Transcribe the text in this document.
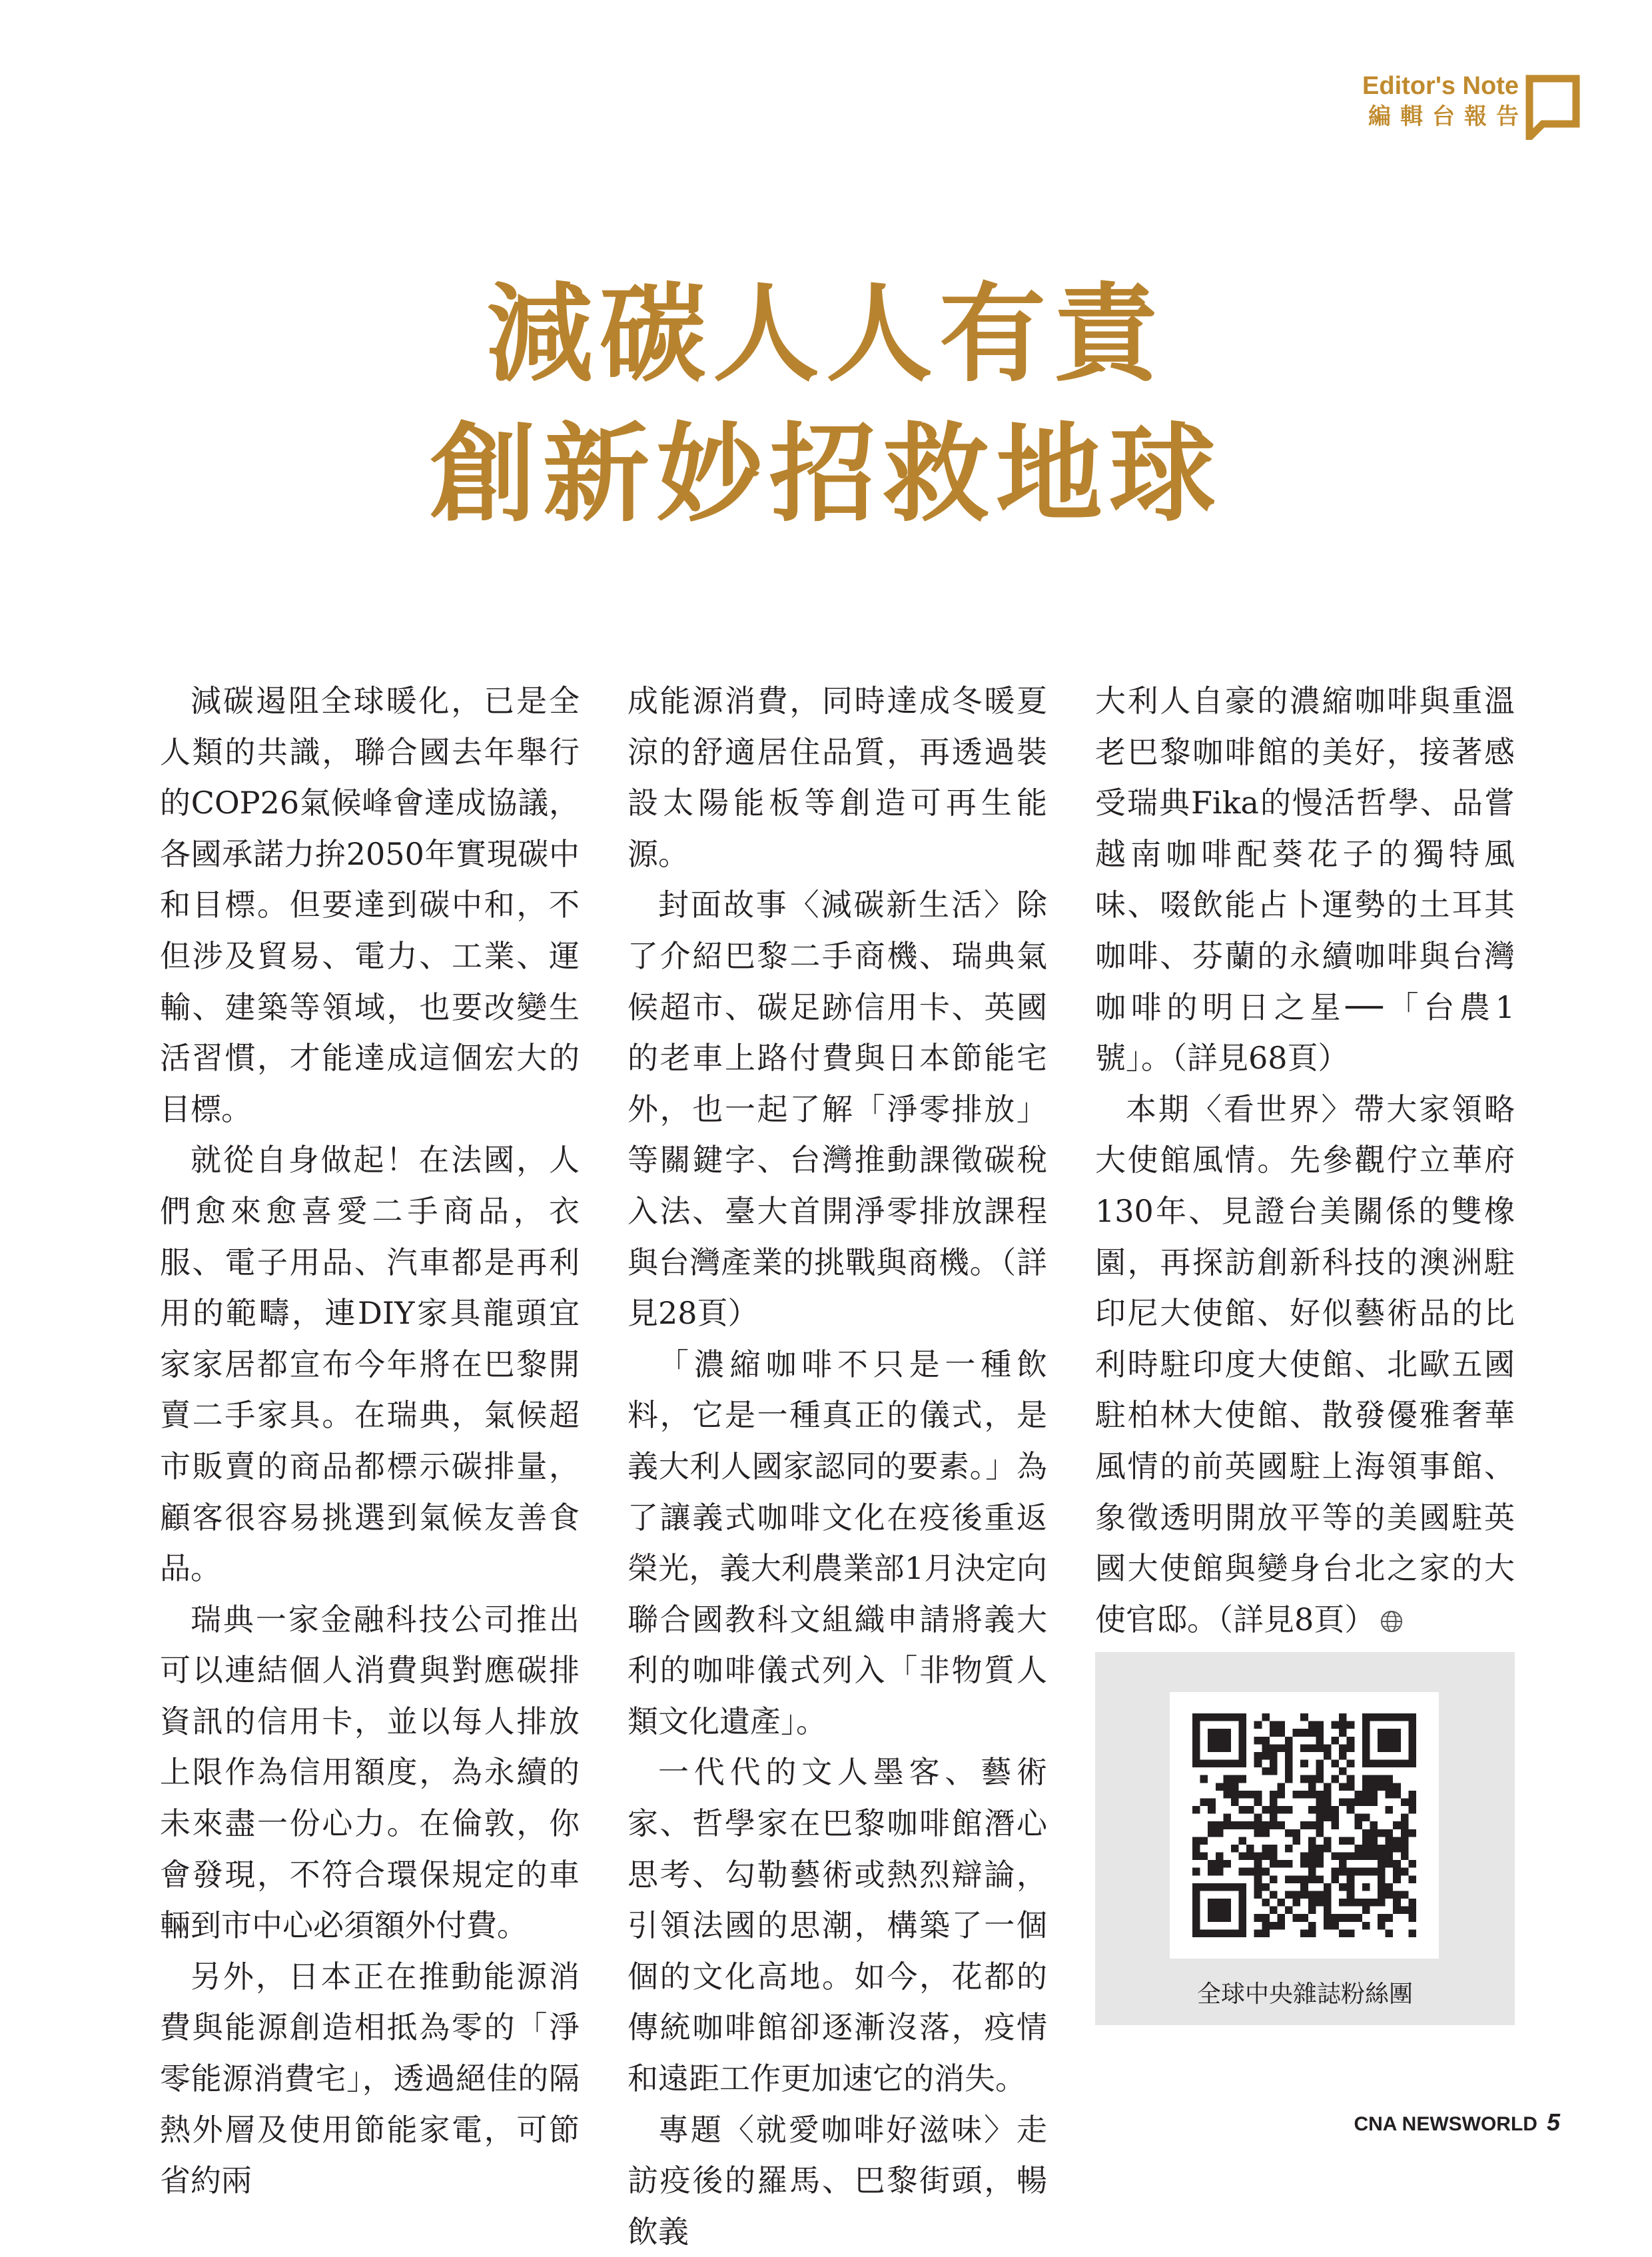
Editor's Note
編輯台報告
減碳人人有責
創新妙招救地球

減碳遏阻全球暖化，已是全人類的共識，聯合國去年舉行的COP26氣候峰會達成協議，各國承諾力拚2050年實現碳中和目標。但要達到碳中和，不但涉及貿易、電力、工業、運輸、建築等領域，也要改變生活習慣，才能達成這個宏大的目標。

就從自身做起！在法國，人們愈來愈喜愛二手商品，衣服、電子用品、汽車都是再利用的範疇，連DIY家具龍頭宜家家居都宣布今年將在巴黎開賣二手家具。在瑞典，氣候超市販賣的商品都標示碳排量，顧客很容易挑選到氣候友善食品。

瑞典一家金融科技公司推出可以連結個人消費與對應碳排資訊的信用卡，並以每人排放上限作為信用額度，為永續的未來盡一份心力。在倫敦，你會發現，不符合環保規定的車輛到市中心必須額外付費。

另外，日本正在推動能源消費與能源創造相抵為零的「淨零能源消費宅」，透過絕佳的隔熱外層及使用節能家電，可節省約兩

成能源消費，同時達成冬暖夏涼的舒適居住品質，再透過裝設太陽能板等創造可再生能源。

封面故事〈減碳新生活〉除了介紹巴黎二手商機、瑞典氣候超市、碳足跡信用卡、英國的老車上路付費與日本節能宅外，也一起了解「淨零排放」等關鍵字、台灣推動課徵碳稅入法、臺大首開淨零排放課程與台灣產業的挑戰與商機。（詳見28頁）

「濃縮咖啡不只是一種飲料，它是一種真正的儀式，是義大利人國家認同的要素。」為了讓義式咖啡文化在疫後重返榮光，義大利農業部1月決定向聯合國教科文組織申請將義大利的咖啡儀式列入「非物質人類文化遺產」。

一代代的文人墨客、藝術家、哲學家在巴黎咖啡館潛心思考、勾勒藝術或熱烈辯論，引領法國的思潮，構築了一個個的文化高地。如今，花都的傳統咖啡館卻逐漸沒落，疫情和遠距工作更加速它的消失。

專題〈就愛咖啡好滋味〉走訪疫後的羅馬、巴黎街頭，暢飲義

大利人自豪的濃縮咖啡與重溫老巴黎咖啡館的美好，接著感受瑞典Fika的慢活哲學、品嘗越南咖啡配葵花子的獨特風味、啜飲能占卜運勢的土耳其咖啡、芬蘭的永續咖啡與台灣咖啡的明日之星──「台農1號」。（詳見68頁）

本期〈看世界〉帶大家領略大使館風情。先參觀佇立華府130年、見證台美關係的雙橡園，再探訪創新科技的澳洲駐印尼大使館、好似藝術品的比利時駐印度大使館、北歐五國駐柏林大使館、散發優雅奢華風情的前英國駐上海領事館、象徵透明開放平等的美國駐英國大使館與變身台北之家的大使官邸。（詳見8頁）

全球中央雜誌粉絲團
CNA NEWSWORLD 5
